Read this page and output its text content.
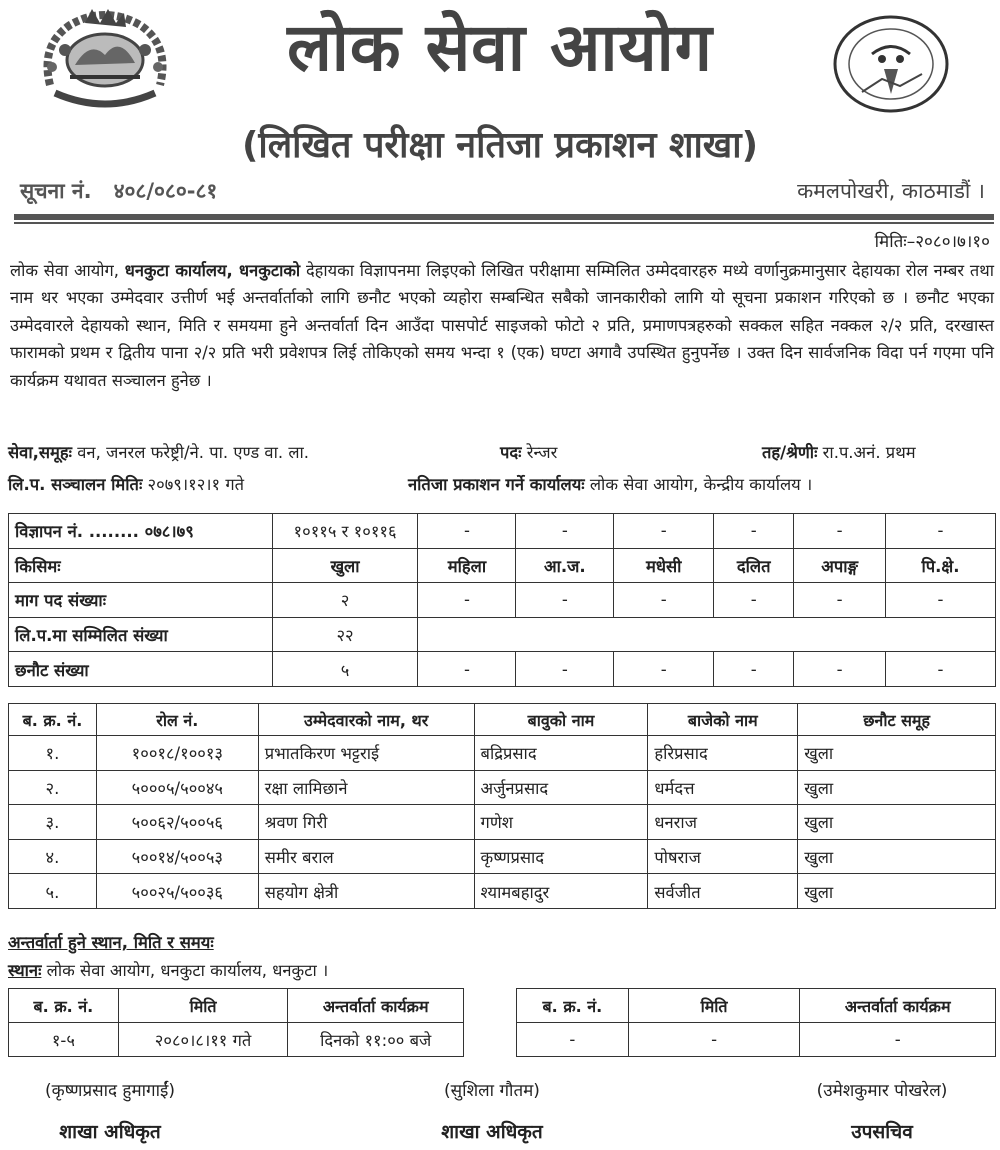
लोक सेवा आयोग
(लिखित परीक्षा नतिजा प्रकाशन शाखा)
सूचना नं. ४०८/०८०-८१	कमलपोखरी, काठमाडौं ।
मितिः–२०८०।७।१०
लोक सेवा आयोग, धनकुटा कार्यालय, धनकुटाको देहायका विज्ञापनमा लिइएको लिखित परीक्षामा सम्मिलित उम्मेदवारहरु मध्ये वर्णानुक्रमानुसार देहायका रोल नम्बर तथा नाम थर भएका उम्मेदवार उत्तीर्ण भई अन्तर्वार्ताको लागि छनौट भएको व्यहोरा सम्बन्धित सबैको जानकारीको लागि यो सूचना प्रकाशन गरिएको छ । छनौट भएका उम्मेदवारले देहायको स्थान, मिति र समयमा हुने अन्तर्वार्ता दिन आउँदा पासपोर्ट साइजको फोटो २ प्रति, प्रमाणपत्रहरुको सक्कल सहित नक्कल २/२ प्रति, दरखास्त फारामको प्रथम र द्वितीय पाना २/२ प्रति भरी प्रवेशपत्र लिई तोकिएको समय भन्दा १ (एक) घण्टा अगावै उपस्थित हुनुपर्नेछ । उक्त दिन सार्वजनिक विदा पर्न गएमा पनि कार्यक्रम यथावत सञ्चालन हुनेछ ।
सेवा,समूहः वन, जनरल फरेष्ट्री/ने. पा. एण्ड वा. ला.	पदः रेन्जर	तह/श्रेणीः रा.प.अनं. प्रथम
लि.प. सञ्चालन मितिः २०७९।१२।१ गते	नतिजा प्रकाशन गर्ने कार्यालयः लोक सेवा आयोग, केन्द्रीय कार्यालय ।
विज्ञापन नं. ........ ०७८।७९	१०११५ र १०११६	-	-	-	-	-	-
किसिमः	खुला	महिला	आ.ज.	मधेसी	दलित	अपाङ्ग	पि.क्षे.
माग पद संख्याः	२	-	-	-	-	-	-
लि.प.मा सम्मिलित संख्या	२२						
छनौट संख्या	५	-	-	-	-	-	-
ब. क्र. नं.	रोल नं.	उम्मेदवारको नाम, थर	बावुको नाम	बाजेको नाम	छनौट समूह
१.	१००१८/१००१३	प्रभातकिरण भट्टराई	बद्रिप्रसाद	हरिप्रसाद	खुला
२.	५०००५/५००४५	रक्षा लामिछाने	अर्जुनप्रसाद	धर्मदत्त	खुला
३.	५००६२/५००५६	श्रवण गिरी	गणेश	धनराज	खुला
४.	५००१४/५००५३	समीर बराल	कृष्णप्रसाद	पोषराज	खुला
५.	५००२५/५००३६	सहयोग क्षेत्री	श्यामबहादुर	सर्वजीत	खुला
अन्तर्वार्ता हुने स्थान, मिति र समयः
स्थानः लोक सेवा आयोग, धनकुटा कार्यालय, धनकुटा ।
ब. क्र. नं.	मिति	अन्तर्वार्ता कार्यक्रम
१-५	२०८०।८।११ गते	दिनको ११:०० बजे
ब. क्र. नं.	मिति	अन्तर्वार्ता कार्यक्रम
-	-	-
(कृष्णप्रसाद हुमागाईं)
शाखा अधिकृत
(सुशिला गौतम)
शाखा अधिकृत
(उमेशकुमार पोखरेल)
उपसचिव
